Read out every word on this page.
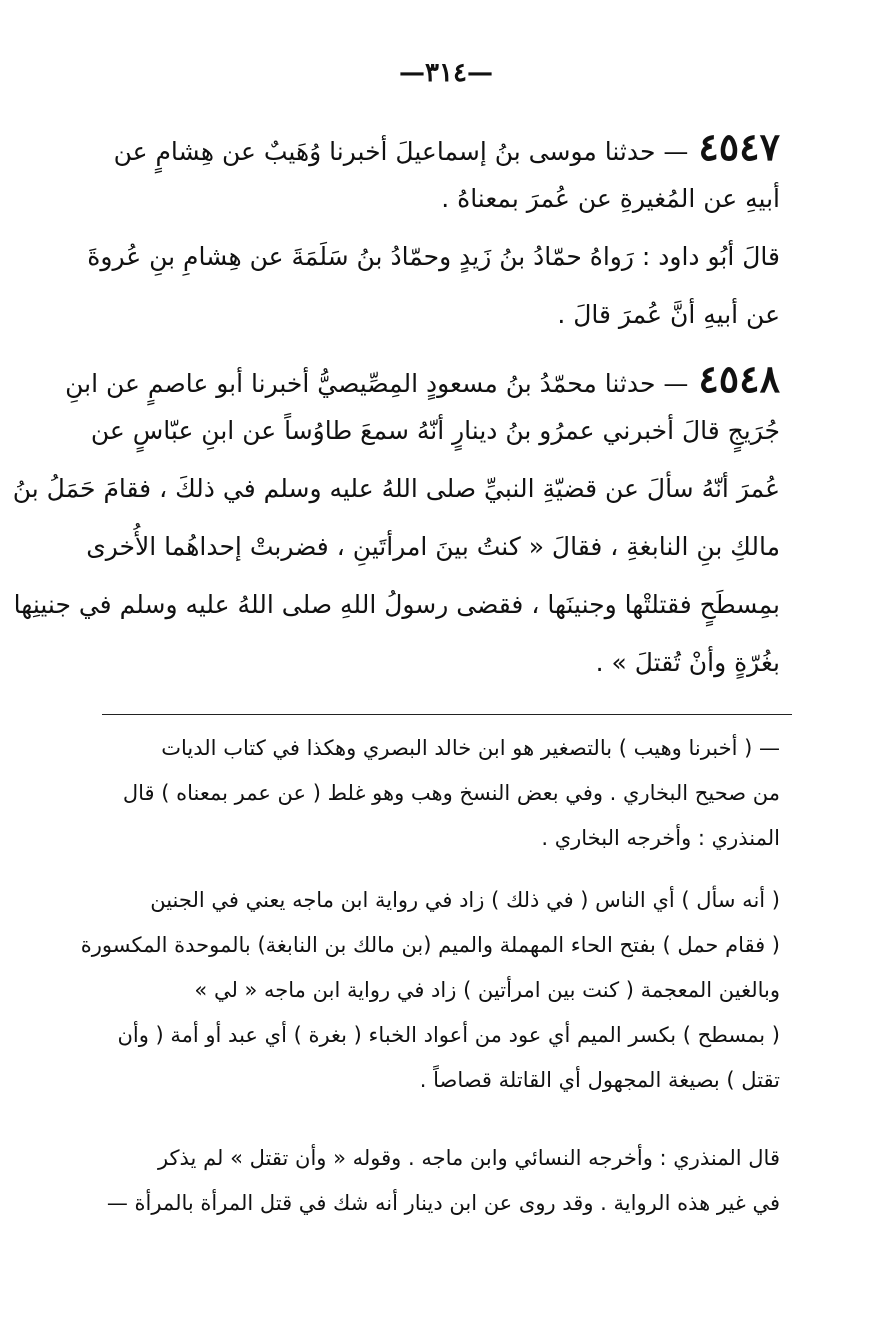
—٣١٤—
٤٥٤٧— حدثنا موسى بنُ إسماعيلَ أخبرنا وُهَيبٌ عن هِشامٍ عن
أبيهِ عن المُغيرةِ عن عُمرَ بمعناهُ .
قالَ أبُو داود : رَواهُ حمّادُ بنُ زَيدٍ وحمّادُ بنُ سَلَمَةَ عن هِشامِ بنِ عُروةَ
عن أبيهِ أنَّ عُمرَ قالَ .
٤٥٤٨— حدثنا محمّدُ بنُ مسعودٍ المِصِّيصيُّ أخبرنا أبو عاصمٍ عن ابنِ
جُرَيجٍ قالَ أخبرني عمرُو بنُ دينارٍ أنّهُ سمعَ طاوُساً عن ابنِ عبّاسٍ عن
عُمرَ أنّهُ سألَ عن قضيّةِ النبيِّ صلى اللهُ عليه وسلم في ذلكَ ، فقامَ حَمَلُ بنُ
مالكِ بنِ النابغةِ ، فقالَ « كنتُ بينَ امرأتَينِ ، فضربتْ إحداهُما الأُخرى
بمِسطَحٍ فقتلتْها وجنينَها ، فقضى رسولُ اللهِ صلى اللهُ عليه وسلم في جنينِها
بغُرّةٍ وأنْ تُقتلَ » .
— ( أخبرنا وهيب ) بالتصغير هو ابن خالد البصري وهكذا في كتاب الديات
من صحيح البخاري . وفي بعض النسخ وهب وهو غلط ( عن عمر بمعناه ) قال
المنذري : وأخرجه البخاري .
( أنه سأل ) أي الناس ( في ذلك ) زاد في رواية ابن ماجه يعني في الجنين
( فقام حمل ) بفتح الحاء المهملة والميم (بن مالك بن النابغة) بالموحدة المكسورة
وبالغين المعجمة ( كنت بين امرأتين ) زاد في رواية ابن ماجه « لي »
( بمسطح ) بكسر الميم أي عود من أعواد الخباء ( بغرة ) أي عبد أو أمة ( وأن
تقتل ) بصيغة المجهول أي القاتلة قصاصاً .
قال المنذري : وأخرجه النسائي وابن ماجه . وقوله « وأن تقتل » لم يذكر
في غير هذه الرواية . وقد روى عن ابن دينار أنه شك في قتل المرأة بالمرأة —
